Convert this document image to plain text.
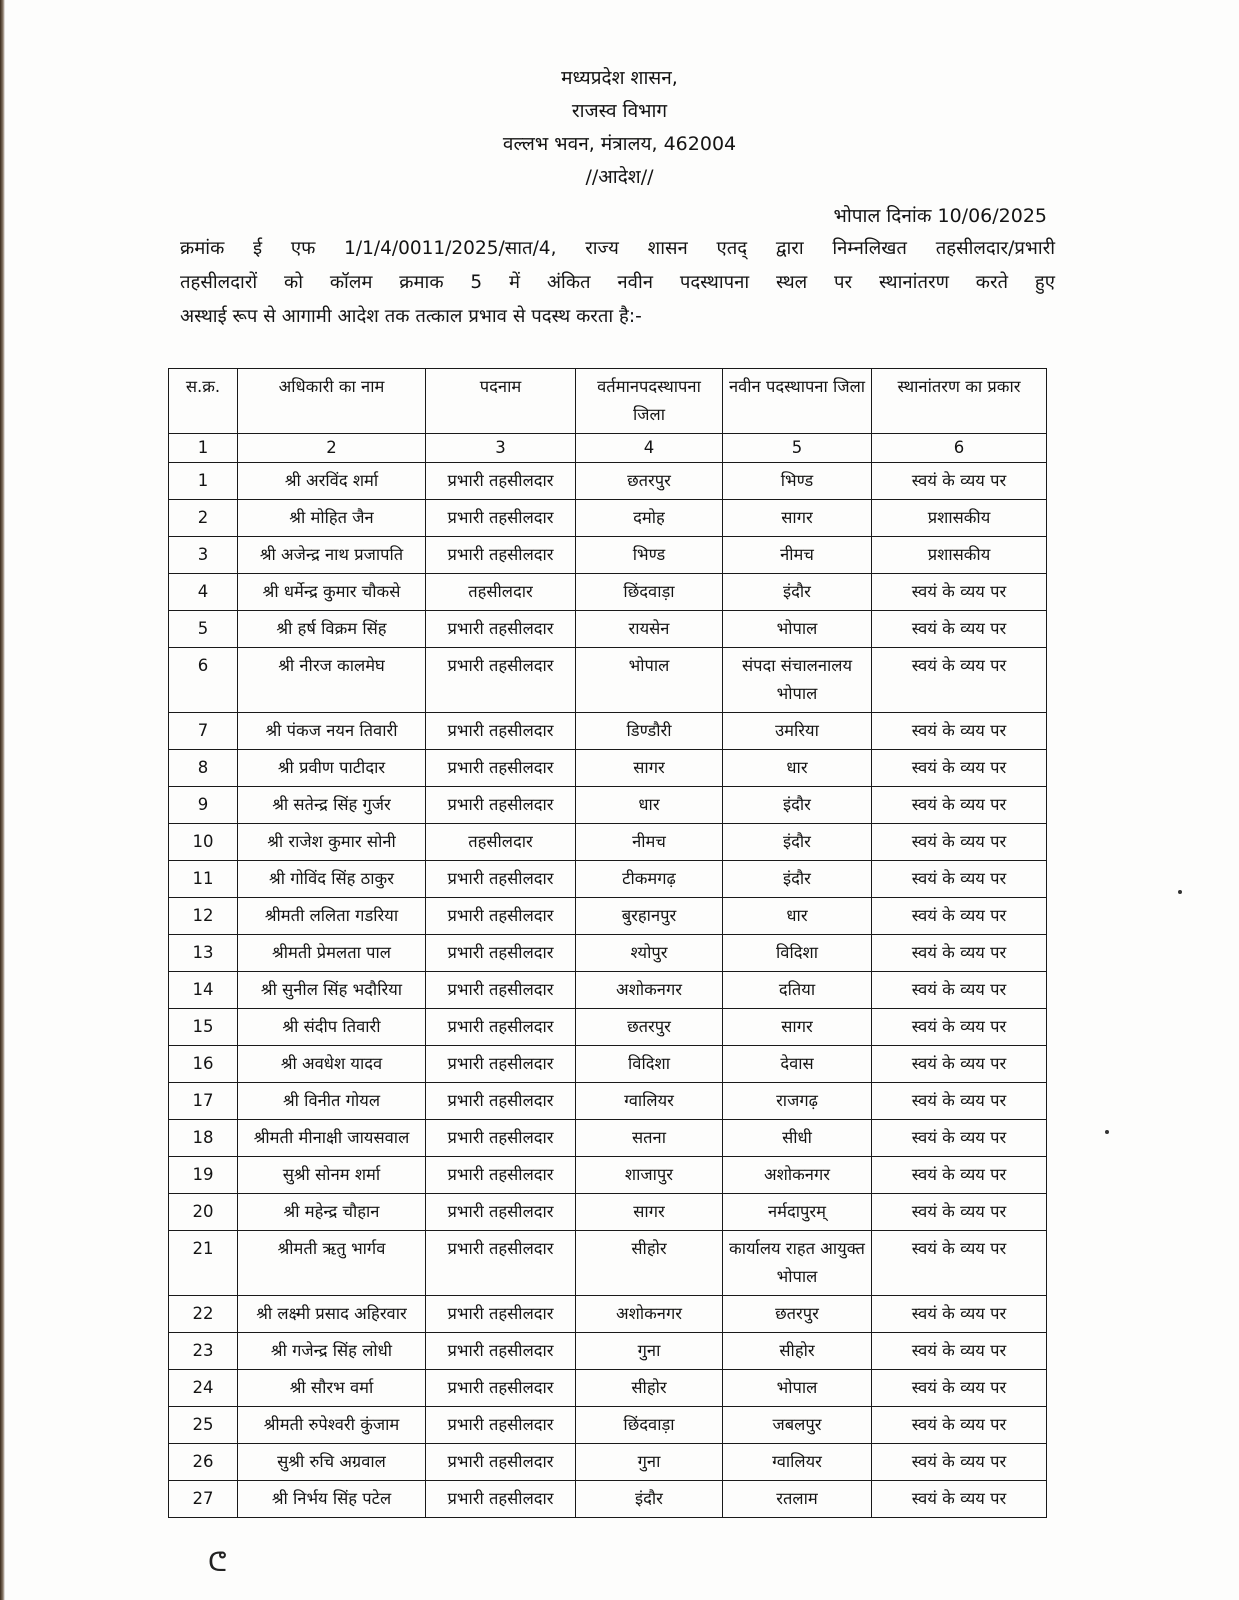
मध्यप्रदेश शासन,
राजस्व विभाग
वल्लभ भवन, मंत्रालय, 462004
//आदेश//
भोपाल दिनांक 10/06/2025
क्रमांक ई एफ 1/1/4/0011/2025/सात/4, राज्य शासन एतद् द्वारा निम्नलिखत तहसीलदार/प्रभारी
तहसीलदारों को कॉलम क्रमाक 5 में अंकित नवीन पदस्थापना स्थल पर स्थानांतरण करते हुए
अस्थाई रूप से आगामी आदेश तक तत्काल प्रभाव से पदस्थ करता है:-
स.क्र.	अधिकारी का नाम	पदनाम	वर्तमानपदस्थापना जिला	नवीन पदस्थापना जिला	स्थानांतरण का प्रकार
1	2	3	4	5	6
1	श्री अरविंद शर्मा	प्रभारी तहसीलदार	छतरपुर	भिण्ड	स्वयं के व्यय पर
2	श्री मोहित जैन	प्रभारी तहसीलदार	दमोह	सागर	प्रशासकीय
3	श्री अजेन्द्र नाथ प्रजापति	प्रभारी तहसीलदार	भिण्ड	नीमच	प्रशासकीय
4	श्री धर्मेन्द्र कुमार चौकसे	तहसीलदार	छिंदवाड़ा	इंदौर	स्वयं के व्यय पर
5	श्री हर्ष विक्रम सिंह	प्रभारी तहसीलदार	रायसेन	भोपाल	स्वयं के व्यय पर
6	श्री नीरज कालमेघ	प्रभारी तहसीलदार	भोपाल	संपदा संचालनालय भोपाल	स्वयं के व्यय पर
7	श्री पंकज नयन तिवारी	प्रभारी तहसीलदार	डिण्डौरी	उमरिया	स्वयं के व्यय पर
8	श्री प्रवीण पाटीदार	प्रभारी तहसीलदार	सागर	धार	स्वयं के व्यय पर
9	श्री सतेन्द्र सिंह गुर्जर	प्रभारी तहसीलदार	धार	इंदौर	स्वयं के व्यय पर
10	श्री राजेश कुमार सोनी	तहसीलदार	नीमच	इंदौर	स्वयं के व्यय पर
11	श्री गोविंद सिंह ठाकुर	प्रभारी तहसीलदार	टीकमगढ़	इंदौर	स्वयं के व्यय पर
12	श्रीमती ललिता गडरिया	प्रभारी तहसीलदार	बुरहानपुर	धार	स्वयं के व्यय पर
13	श्रीमती प्रेमलता पाल	प्रभारी तहसीलदार	श्योपुर	विदिशा	स्वयं के व्यय पर
14	श्री सुनील सिंह भदौरिया	प्रभारी तहसीलदार	अशोकनगर	दतिया	स्वयं के व्यय पर
15	श्री संदीप तिवारी	प्रभारी तहसीलदार	छतरपुर	सागर	स्वयं के व्यय पर
16	श्री अवधेश यादव	प्रभारी तहसीलदार	विदिशा	देवास	स्वयं के व्यय पर
17	श्री विनीत गोयल	प्रभारी तहसीलदार	ग्वालियर	राजगढ़	स्वयं के व्यय पर
18	श्रीमती मीनाक्षी जायसवाल	प्रभारी तहसीलदार	सतना	सीधी	स्वयं के व्यय पर
19	सुश्री सोनम शर्मा	प्रभारी तहसीलदार	शाजापुर	अशोकनगर	स्वयं के व्यय पर
20	श्री महेन्द्र चौहान	प्रभारी तहसीलदार	सागर	नर्मदापुरम्	स्वयं के व्यय पर
21	श्रीमती ऋतु भार्गव	प्रभारी तहसीलदार	सीहोर	कार्यालय राहत आयुक्त भोपाल	स्वयं के व्यय पर
22	श्री लक्ष्मी प्रसाद अहिरवार	प्रभारी तहसीलदार	अशोकनगर	छतरपुर	स्वयं के व्यय पर
23	श्री गजेन्द्र सिंह लोधी	प्रभारी तहसीलदार	गुना	सीहोर	स्वयं के व्यय पर
24	श्री सौरभ वर्मा	प्रभारी तहसीलदार	सीहोर	भोपाल	स्वयं के व्यय पर
25	श्रीमती रुपेश्वरी कुंजाम	प्रभारी तहसीलदार	छिंदवाड़ा	जबलपुर	स्वयं के व्यय पर
26	सुश्री रुचि अग्रवाल	प्रभारी तहसीलदार	गुना	ग्वालियर	स्वयं के व्यय पर
27	श्री निर्भय सिंह पटेल	प्रभारी तहसीलदार	इंदौर	रतलाम	स्वयं के व्यय पर
ᕦ
